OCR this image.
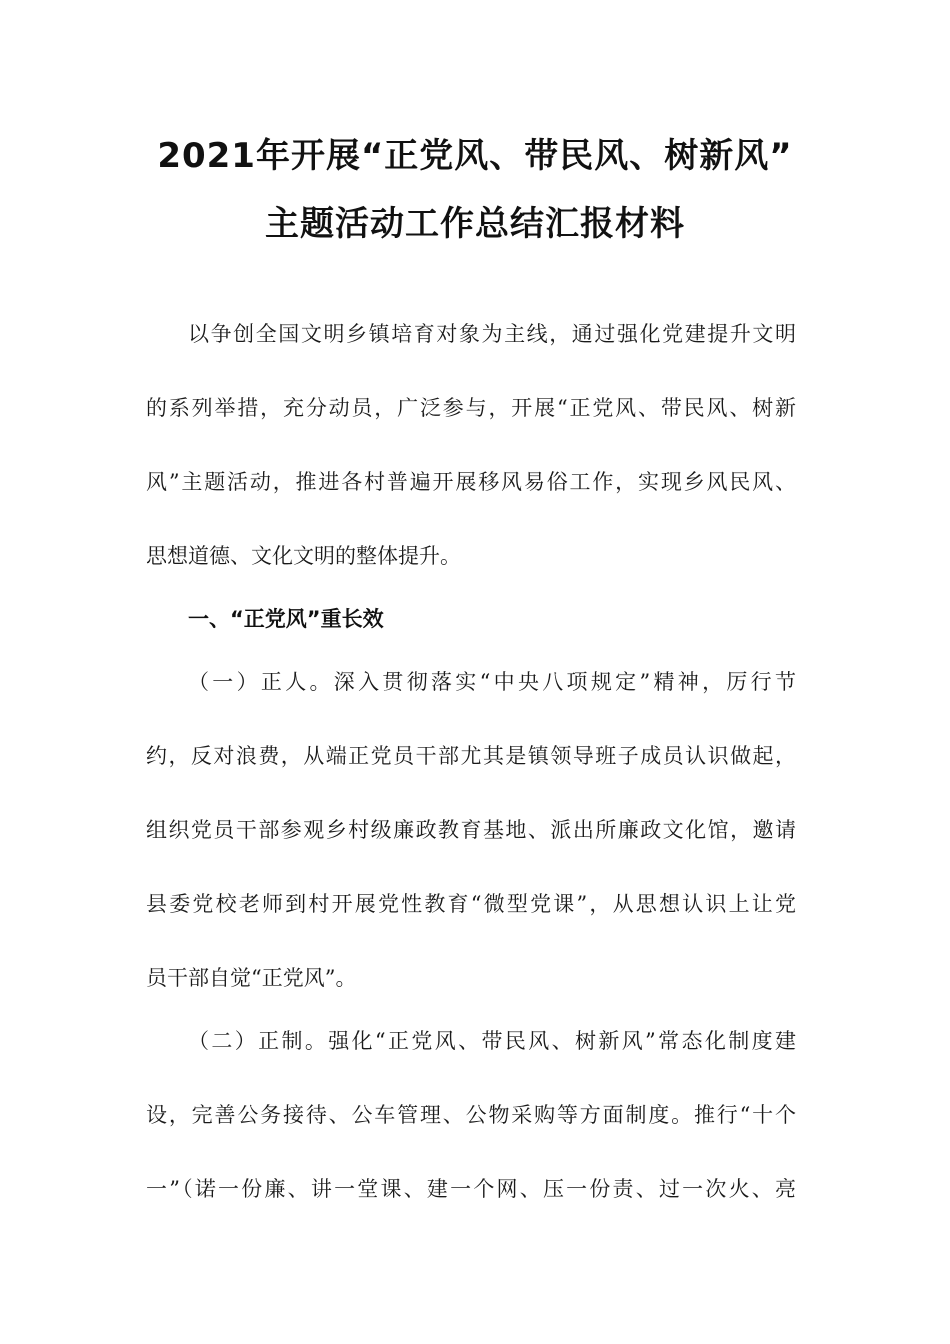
2021年开展“正党风、带民风、树新风”
主题活动工作总结汇报材料
以争创全国文明乡镇培育对象为主线，通过强化党建提升文明
的系列举措，充分动员，广泛参与，开展“正党风、带民风、树新
风”主题活动，推进各村普遍开展移风易俗工作，实现乡风民风、
思想道德、文化文明的整体提升。
一、“正党风”重长效
（一）正人。深入贯彻落实“中央八项规定”精神，厉行节
约，反对浪费，从端正党员干部尤其是镇领导班子成员认识做起，
组织党员干部参观乡村级廉政教育基地、派出所廉政文化馆，邀请
县委党校老师到村开展党性教育“微型党课”，从思想认识上让党
员干部自觉“正党风”。
（二）正制。强化“正党风、带民风、树新风”常态化制度建
设，完善公务接待、公车管理、公物采购等方面制度。推行“十个
一”（诺一份廉、讲一堂课、建一个网、压一份责、过一次火、亮
